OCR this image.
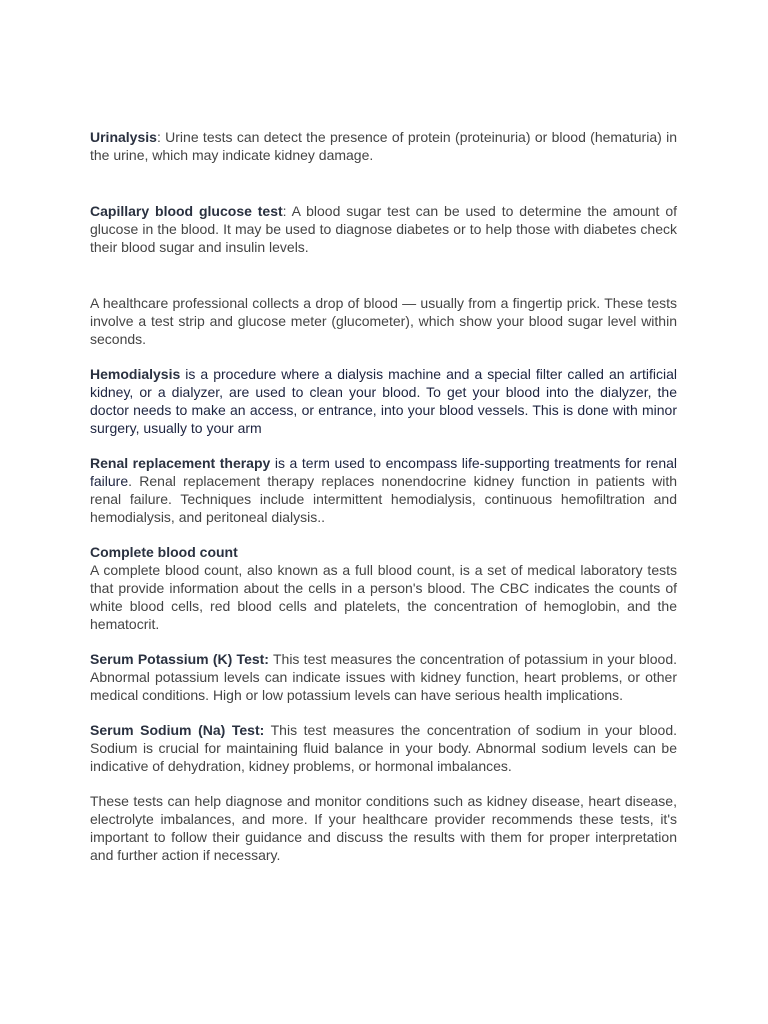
Urinalysis: Urine tests can detect the presence of protein (proteinuria) or blood (hematuria) in the urine, which may indicate kidney damage.

Capillary blood glucose test: A blood sugar test can be used to determine the amount of glucose in the blood. It may be used to diagnose diabetes or to help those with diabetes check their blood sugar and insulin levels.

A healthcare professional collects a drop of blood — usually from a fingertip prick. These tests involve a test strip and glucose meter (glucometer), which show your blood sugar level within seconds.

Hemodialysis is a procedure where a dialysis machine and a special filter called an artificial kidney, or a dialyzer, are used to clean your blood. To get your blood into the dialyzer, the doctor needs to make an access, or entrance, into your blood vessels. This is done with minor surgery, usually to your arm

Renal replacement therapy is a term used to encompass life-supporting treatments for renal failure. Renal replacement therapy replaces nonendocrine kidney function in patients with renal failure. Techniques include intermittent hemodialysis, continuous hemofiltration and hemodialysis, and peritoneal dialysis..

Complete blood count
A complete blood count, also known as a full blood count, is a set of medical laboratory tests that provide information about the cells in a person's blood. The CBC indicates the counts of white blood cells, red blood cells and platelets, the concentration of hemoglobin, and the hematocrit.

Serum Potassium (K) Test: This test measures the concentration of potassium in your blood. Abnormal potassium levels can indicate issues with kidney function, heart problems, or other medical conditions. High or low potassium levels can have serious health implications.

Serum Sodium (Na) Test: This test measures the concentration of sodium in your blood. Sodium is crucial for maintaining fluid balance in your body. Abnormal sodium levels can be indicative of dehydration, kidney problems, or hormonal imbalances.

These tests can help diagnose and monitor conditions such as kidney disease, heart disease, electrolyte imbalances, and more. If your healthcare provider recommends these tests, it's important to follow their guidance and discuss the results with them for proper interpretation and further action if necessary.
